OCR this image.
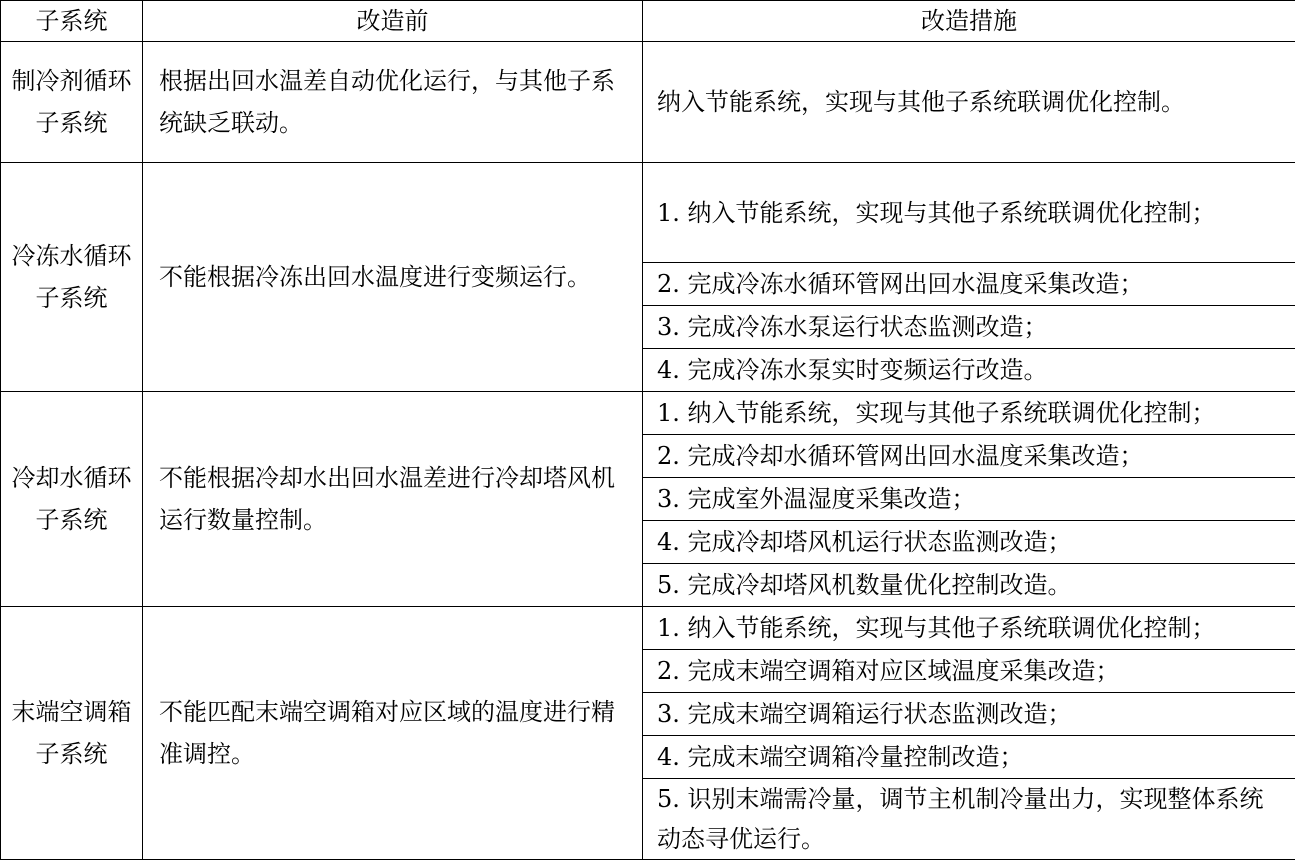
子系统	改造前	改造措施
制冷剂循环子系统	根据出回水温差自动优化运行，与其他子系统缺乏联动。	纳入节能系统，实现与其他子系统联调优化控制。
冷冻水循环子系统	不能根据冷冻出回水温度进行变频运行。	1. 纳入节能系统，实现与其他子系统联调优化控制；
		2. 完成冷冻水循环管网出回水温度采集改造；
		3. 完成冷冻水泵运行状态监测改造；
		4. 完成冷冻水泵实时变频运行改造。
冷却水循环子系统	不能根据冷却水出回水温差进行冷却塔风机运行数量控制。	1. 纳入节能系统，实现与其他子系统联调优化控制；
		2. 完成冷却水循环管网出回水温度采集改造；
		3. 完成室外温湿度采集改造；
		4. 完成冷却塔风机运行状态监测改造；
		5. 完成冷却塔风机数量优化控制改造。
末端空调箱子系统	不能匹配末端空调箱对应区域的温度进行精准调控。	1. 纳入节能系统，实现与其他子系统联调优化控制；
		2. 完成末端空调箱对应区域温度采集改造；
		3. 完成末端空调箱运行状态监测改造；
		4. 完成末端空调箱冷量控制改造；
		5. 识别末端需冷量，调节主机制冷量出力，实现整体系统动态寻优运行。
